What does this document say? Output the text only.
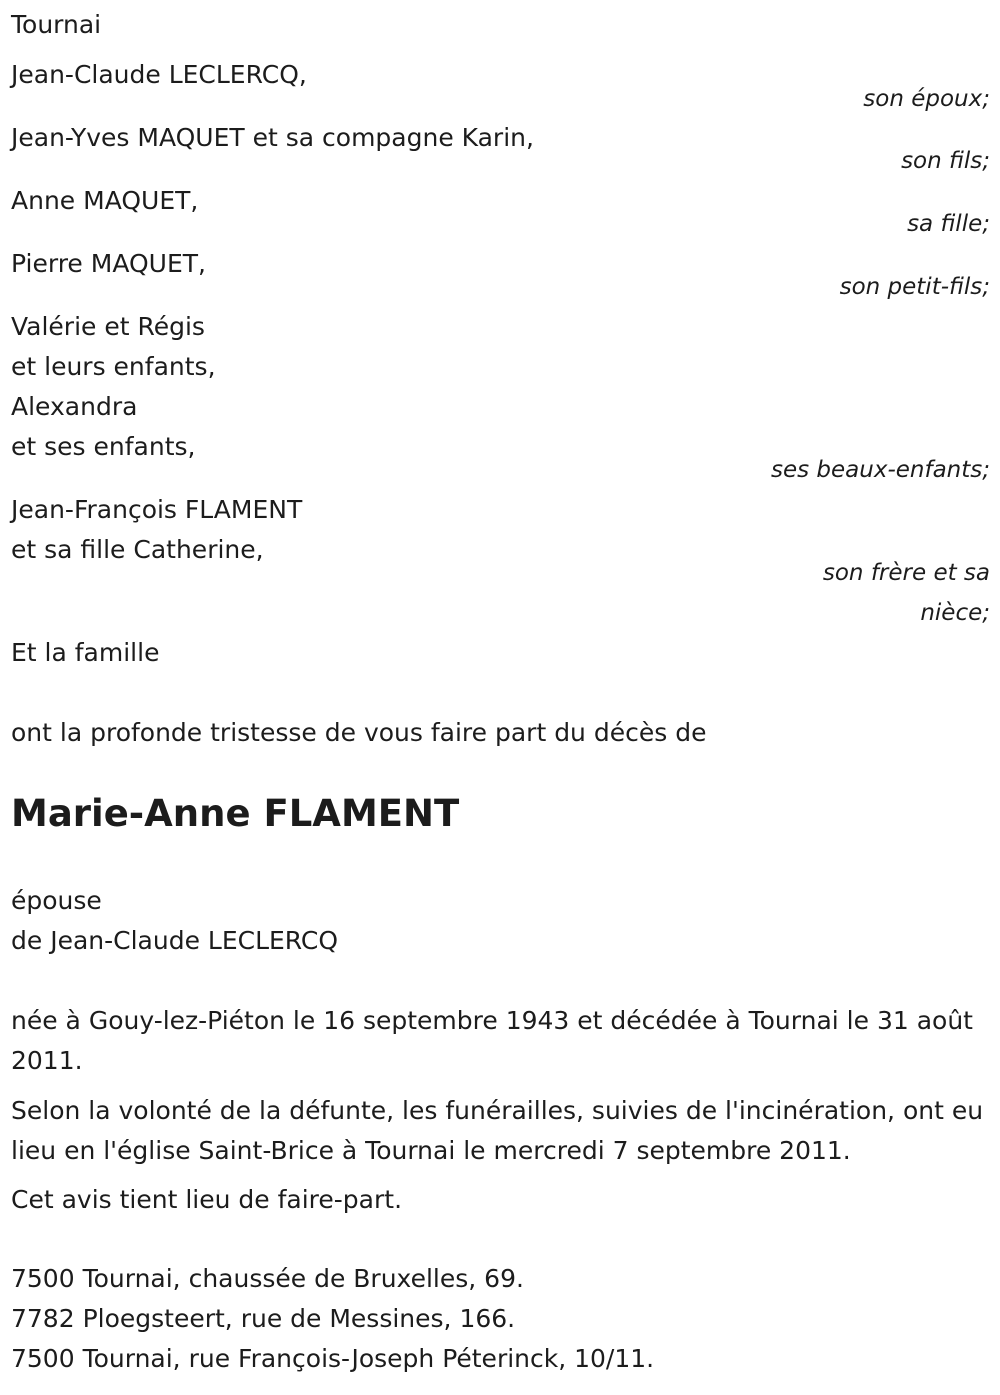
Tournai
Jean-Claude LECLERCQ,
son époux;
Jean-Yves MAQUET et sa compagne Karin,
son fils;
Anne MAQUET,
sa fille;
Pierre MAQUET,
son petit-fils;
Valérie et Régis
et leurs enfants,
Alexandra
et ses enfants,
ses beaux-enfants;
Jean-François FLAMENT
et sa fille Catherine,
son frère et sa
nièce;
Et la famille
ont la profonde tristesse de vous faire part du décès de
Marie-Anne FLAMENT
épouse
de Jean-Claude LECLERCQ
née à Gouy-lez-Piéton le 16 septembre 1943 et décédée à Tournai le 31 août 2011.
Selon la volonté de la défunte, les funérailles, suivies de l'incinération, ont eu lieu en l'église Saint-Brice à Tournai le mercredi 7 septembre 2011.
Cet avis tient lieu de faire-part.
7500 Tournai, chaussée de Bruxelles, 69.
7782 Ploegsteert, rue de Messines, 166.
7500 Tournai, rue François-Joseph Péterinck, 10/11.
